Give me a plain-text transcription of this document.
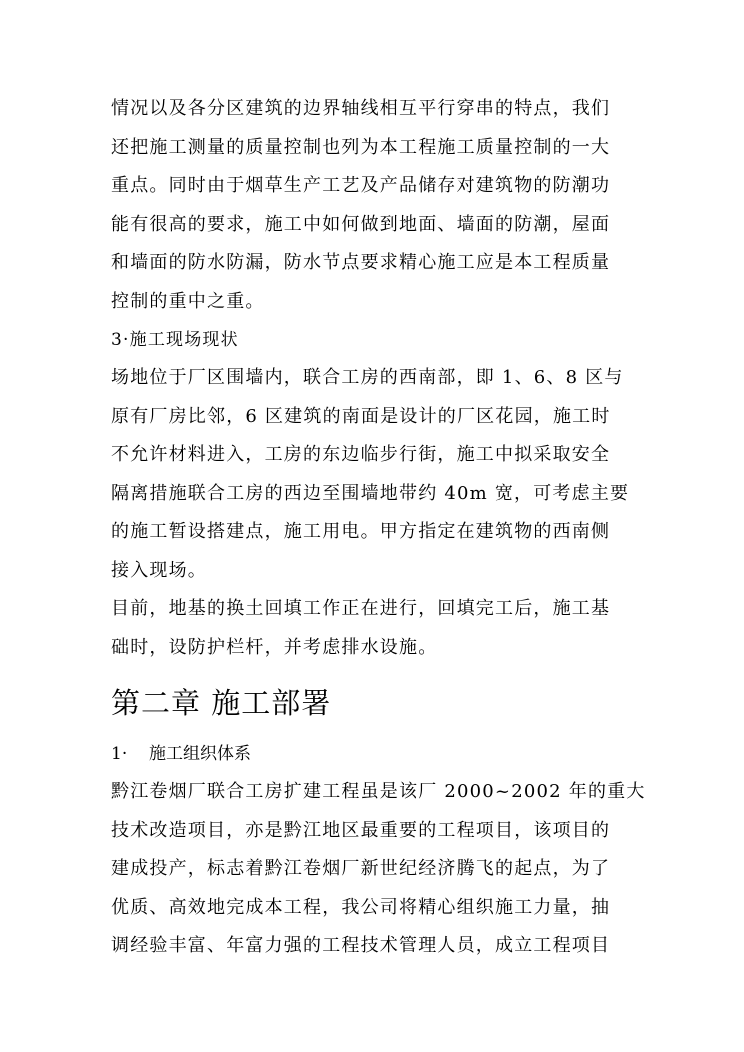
情况以及各分区建筑的边界轴线相互平行穿串的特点，我们
还把施工测量的质量控制也列为本工程施工质量控制的一大
重点。同时由于烟草生产工艺及产品储存对建筑物的防潮功
能有很高的要求，施工中如何做到地面、墙面的防潮，屋面
和墙面的防水防漏，防水节点要求精心施工应是本工程质量
控制的重中之重。
3·施工现场现状
场地位于厂区围墙内，联合工房的西南部，即 1、6、8 区与
原有厂房比邻，6 区建筑的南面是设计的厂区花园，施工时
不允许材料进入，工房的东边临步行街，施工中拟采取安全
隔离措施联合工房的西边至围墙地带约 40m 宽，可考虑主要
的施工暂设搭建点，施工用电。甲方指定在建筑物的西南侧
接入现场。
目前，地基的换土回填工作正在进行，回填完工后，施工基
础时，设防护栏杆，并考虑排水设施。
第二章 施工部署
1·	施工组织体系
黔江卷烟厂联合工房扩建工程虽是该厂 2000~2002 年的重大
技术改造项目，亦是黔江地区最重要的工程项目，该项目的
建成投产，标志着黔江卷烟厂新世纪经济腾飞的起点，为了
优质、高效地完成本工程，我公司将精心组织施工力量，抽
调经验丰富、年富力强的工程技术管理人员，成立工程项目
